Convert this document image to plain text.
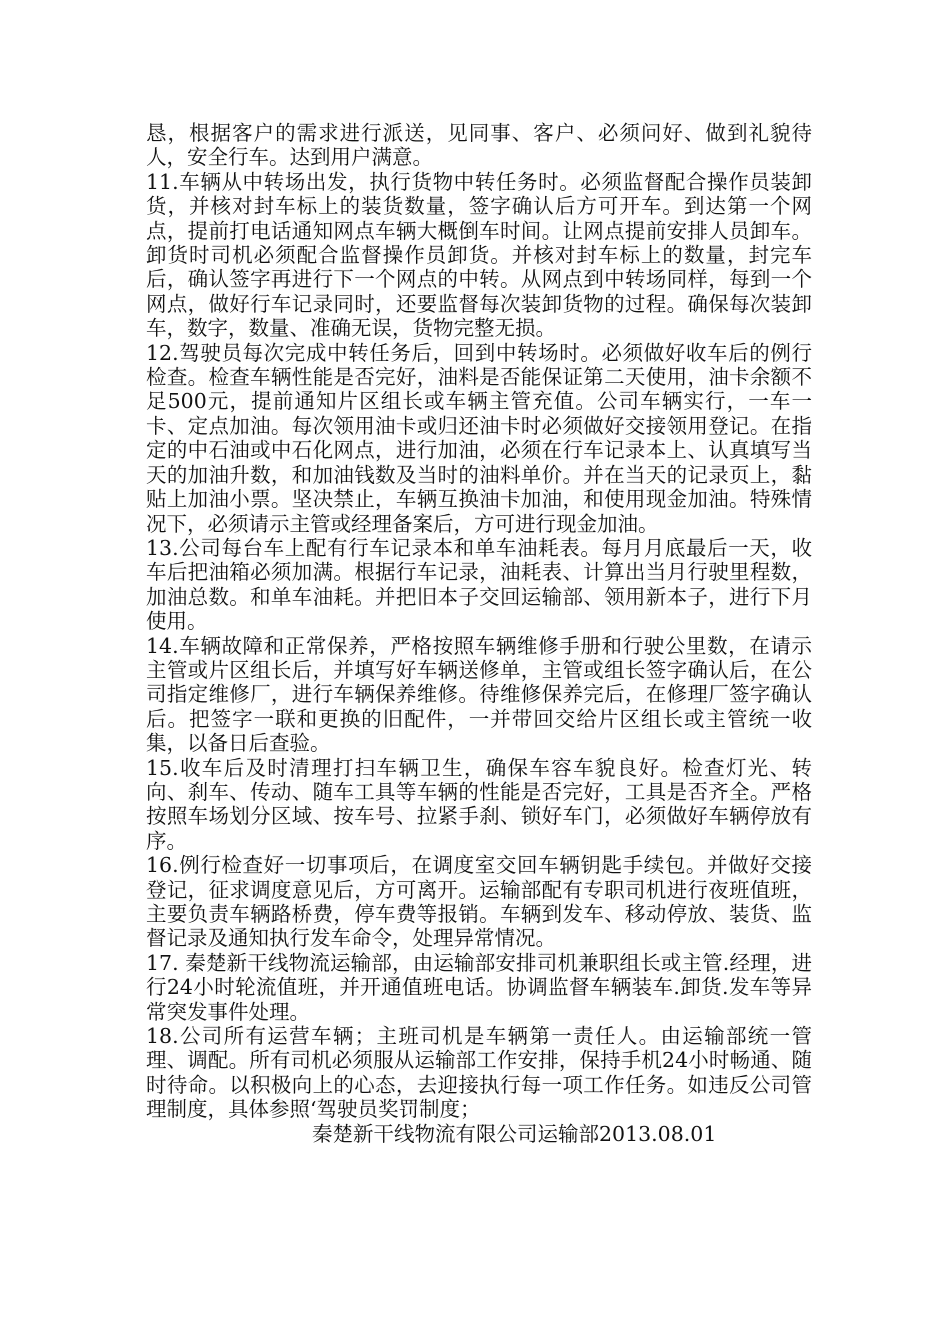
恳，根据客户的需求进行派送，见同事、客户、必须问好、做到礼貌待人，安全行车。达到用户满意。

11.车辆从中转场出发，执行货物中转任务时。必须监督配合操作员装卸货，并核对封车标上的装货数量，签字确认后方可开车。到达第一个网点，提前打电话通知网点车辆大概倒车时间。让网点提前安排人员卸车。卸货时司机必须配合监督操作员卸货。并核对封车标上的数量，封完车后，确认签字再进行下一个网点的中转。从网点到中转场同样，每到一个网点，做好行车记录同时，还要监督每次装卸货物的过程。确保每次装卸车，数字，数量、准确无误，货物完整无损。

12.驾驶员每次完成中转任务后，回到中转场时。必须做好收车后的例行检查。检查车辆性能是否完好，油料是否能保证第二天使用，油卡余额不足500元，提前通知片区组长或车辆主管充值。公司车辆实行，一车一卡、定点加油。每次领用油卡或归还油卡时必须做好交接领用登记。在指定的中石油或中石化网点，进行加油，必须在行车记录本上、认真填写当天的加油升数，和加油钱数及当时的油料单价。并在当天的记录页上，黏贴上加油小票。坚决禁止，车辆互换油卡加油，和使用现金加油。特殊情况下，必须请示主管或经理备案后，方可进行现金加油。

13.公司每台车上配有行车记录本和单车油耗表。每月月底最后一天，收车后把油箱必须加满。根据行车记录，油耗表、计算出当月行驶里程数，加油总数。和单车油耗。并把旧本子交回运输部、领用新本子，进行下月使用。

14.车辆故障和正常保养，严格按照车辆维修手册和行驶公里数，在请示主管或片区组长后，并填写好车辆送修单，主管或组长签字确认后，在公司指定维修厂，进行车辆保养维修。待维修保养完后，在修理厂签字确认后。把签字一联和更换的旧配件，一并带回交给片区组长或主管统一收集，以备日后查验。

15.收车后及时清理打扫车辆卫生，确保车容车貌良好。检查灯光、转向、刹车、传动、随车工具等车辆的性能是否完好，工具是否齐全。严格按照车场划分区域、按车号、拉紧手刹、锁好车门，必须做好车辆停放有序。

16.例行检查好一切事项后，在调度室交回车辆钥匙手续包。并做好交接登记，征求调度意见后，方可离开。运输部配有专职司机进行夜班值班，主要负责车辆路桥费，停车费等报销。车辆到发车、移动停放、装货、监督记录及通知执行发车命令，处理异常情况。

17. 秦楚新干线物流运输部，由运输部安排司机兼职组长或主管.经理，进行24小时轮流值班，并开通值班电话。协调监督车辆装车.卸货.发车等异常突发事件处理。

18.公司所有运营车辆；主班司机是车辆第一责任人。由运输部统一管理、调配。所有司机必须服从运输部工作安排，保持手机24小时畅通、随时待命。以积极向上的心态，去迎接执行每一项工作任务。如违反公司管理制度，具体参照‘驾驶员奖罚制度；

秦楚新干线物流有限公司运输部2013.08.01
